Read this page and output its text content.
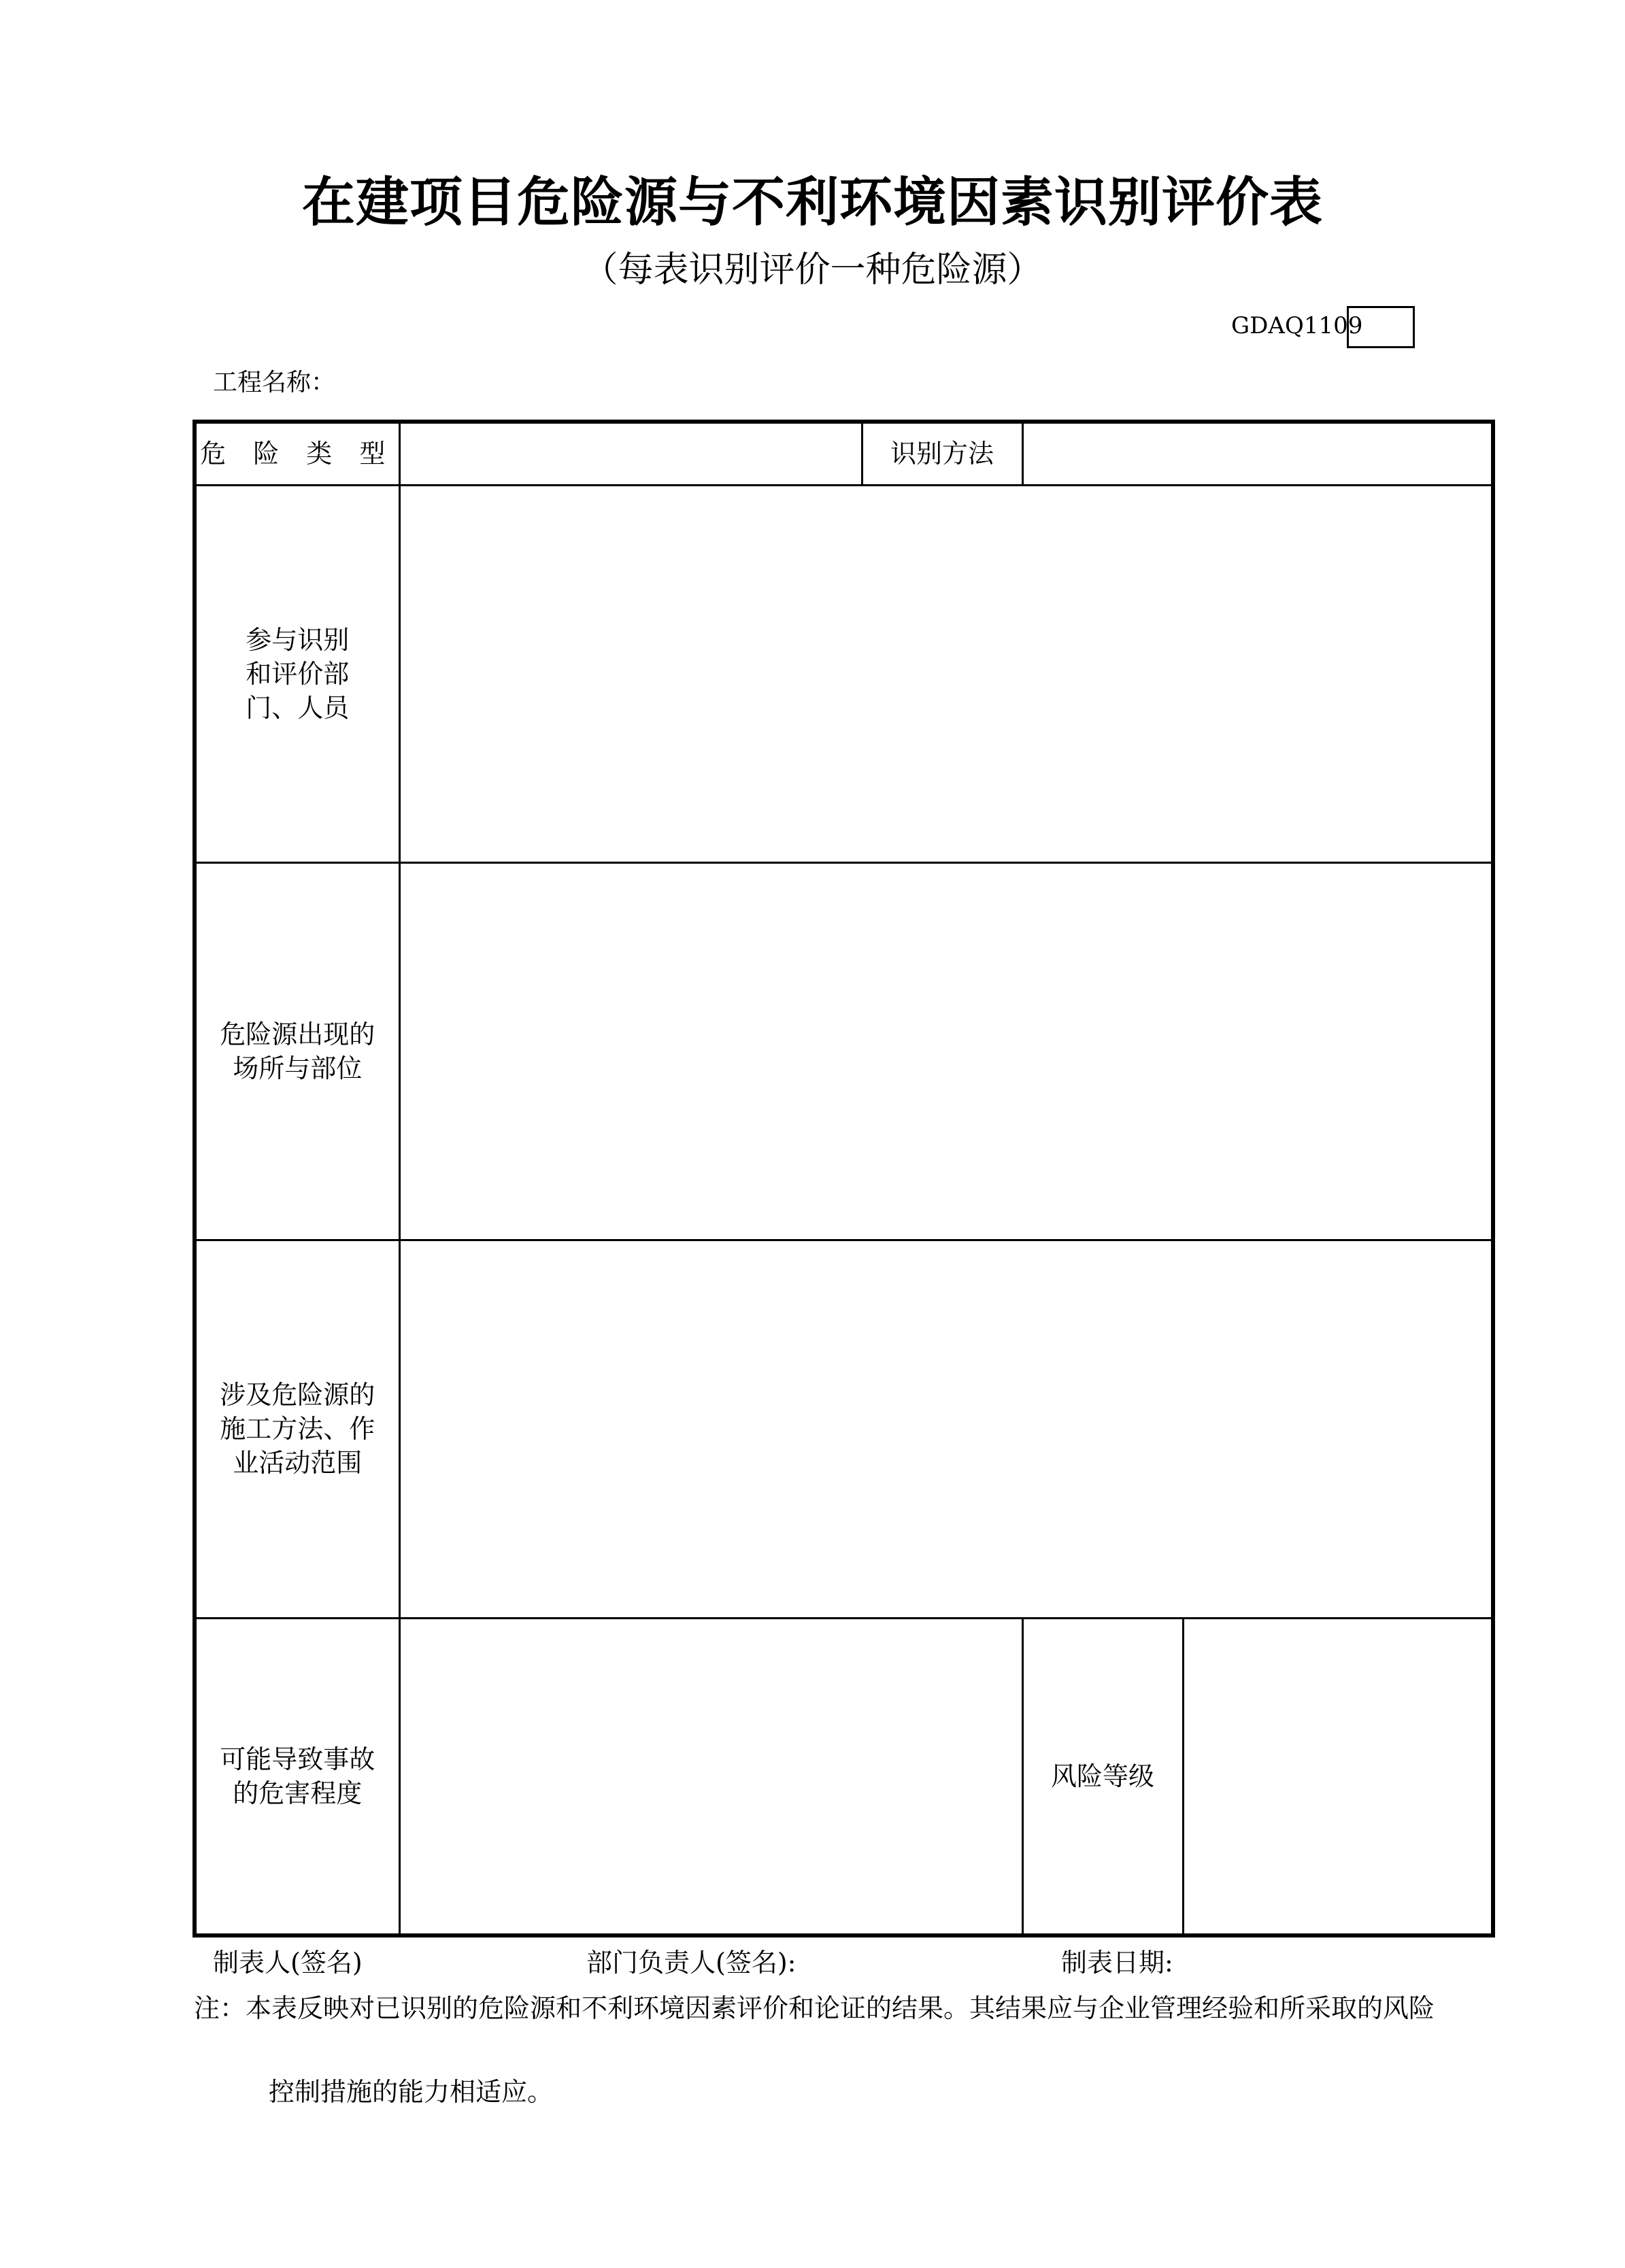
在建项目危险源与不利环境因素识别评价表
（每表识别评价一种危险源）
GDAQ1109
工程名称：
危 险 类 型		识别方法		

参与识别和评价部门、人员				

危险源出现的场所与部位				

涉及危险源的施工方法、作业活动范围				

可能导致事故的危害程度			风险等级	
制表人(签名)	部门负责人(签名):	制表日期:
注：本表反映对已识别的危险源和不利环境因素评价和论证的结果。其结果应与企业管理经验和所采取的风险
控制措施的能力相适应。
